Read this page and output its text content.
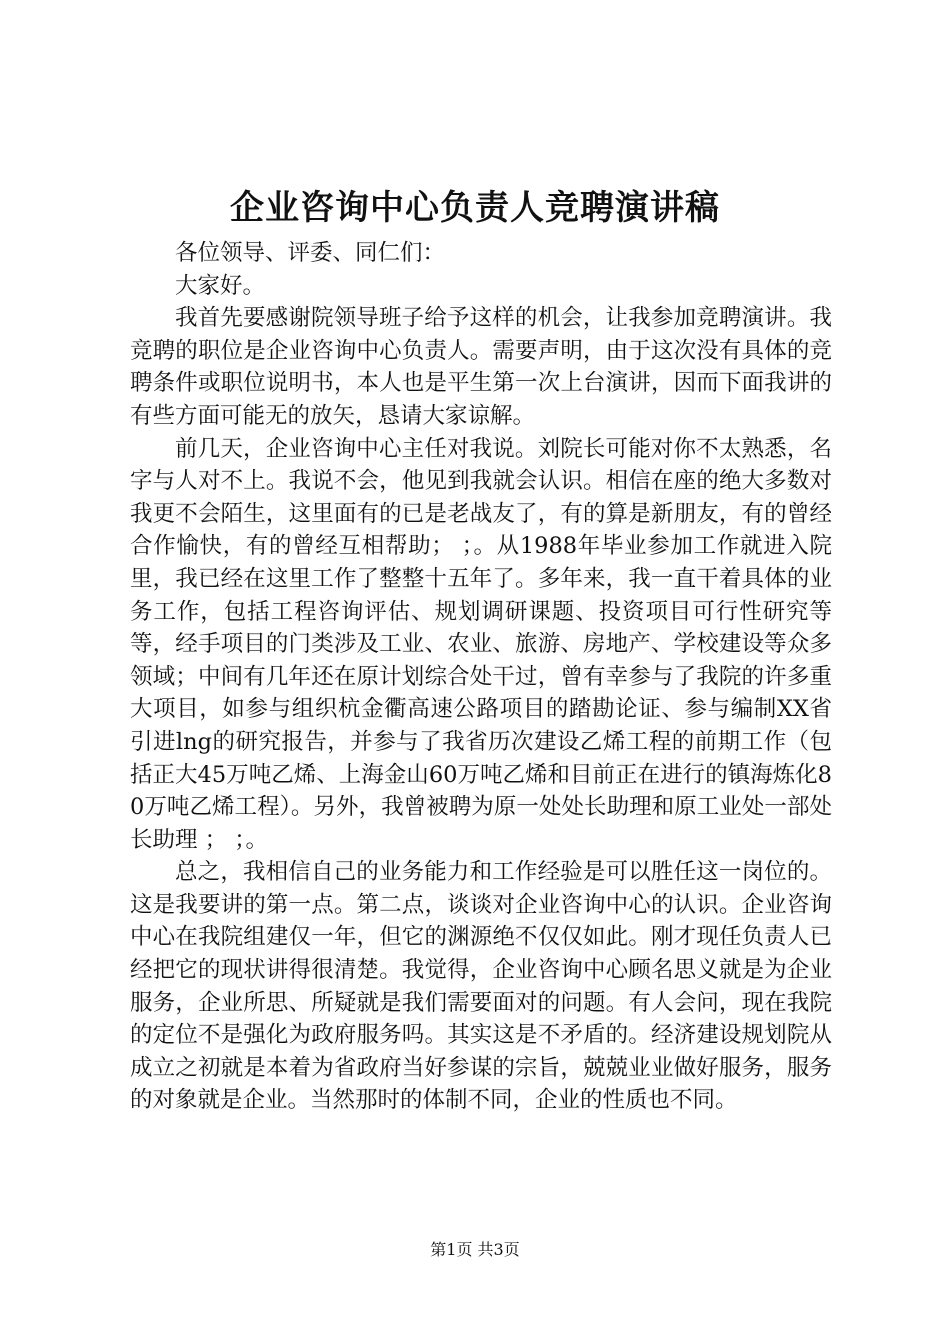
企业咨询中心负责人竞聘演讲稿

各位领导、评委、同仁们：

大家好。

我首先要感谢院领导班子给予这样的机会，让我参加竞聘演讲。我竞聘的职位是企业咨询中心负责人。需要声明，由于这次没有具体的竞聘条件或职位说明书，本人也是平生第一次上台演讲，因而下面我讲的有些方面可能无的放矢，恳请大家谅解。

前几天，企业咨询中心主任对我说。刘院长可能对你不太熟悉，名字与人对不上。我说不会，他见到我就会认识。相信在座的绝大多数对我更不会陌生，这里面有的已是老战友了，有的算是新朋友，有的曾经合作愉快，有的曾经互相帮助； ；。从1988年毕业参加工作就进入院里，我已经在这里工作了整整十五年了。多年来，我一直干着具体的业务工作，包括工程咨询评估、规划调研课题、投资项目可行性研究等等，经手项目的门类涉及工业、农业、旅游、房地产、学校建设等众多领域；中间有几年还在原计划综合处干过，曾有幸参与了我院的许多重大项目，如参与组织杭金衢高速公路项目的踏勘论证、参与编制XX省引进lng的研究报告，并参与了我省历次建设乙烯工程的前期工作（包括正大45万吨乙烯、上海金山60万吨乙烯和目前正在进行的镇海炼化80万吨乙烯工程）。另外，我曾被聘为原一处处长助理和原工业处一部处长助理 ； ；。

总之，我相信自己的业务能力和工作经验是可以胜任这一岗位的。这是我要讲的第一点。第二点，谈谈对企业咨询中心的认识。企业咨询中心在我院组建仅一年，但它的渊源绝不仅仅如此。刚才现任负责人已经把它的现状讲得很清楚。我觉得，企业咨询中心顾名思义就是为企业服务，企业所思、所疑就是我们需要面对的问题。有人会问，现在我院的定位不是强化为政府服务吗。其实这是不矛盾的。经济建设规划院从成立之初就是本着为省政府当好参谋的宗旨，兢兢业业做好服务，服务的对象就是企业。当然那时的体制不同，企业的性质也不同。

第1页 共3页
